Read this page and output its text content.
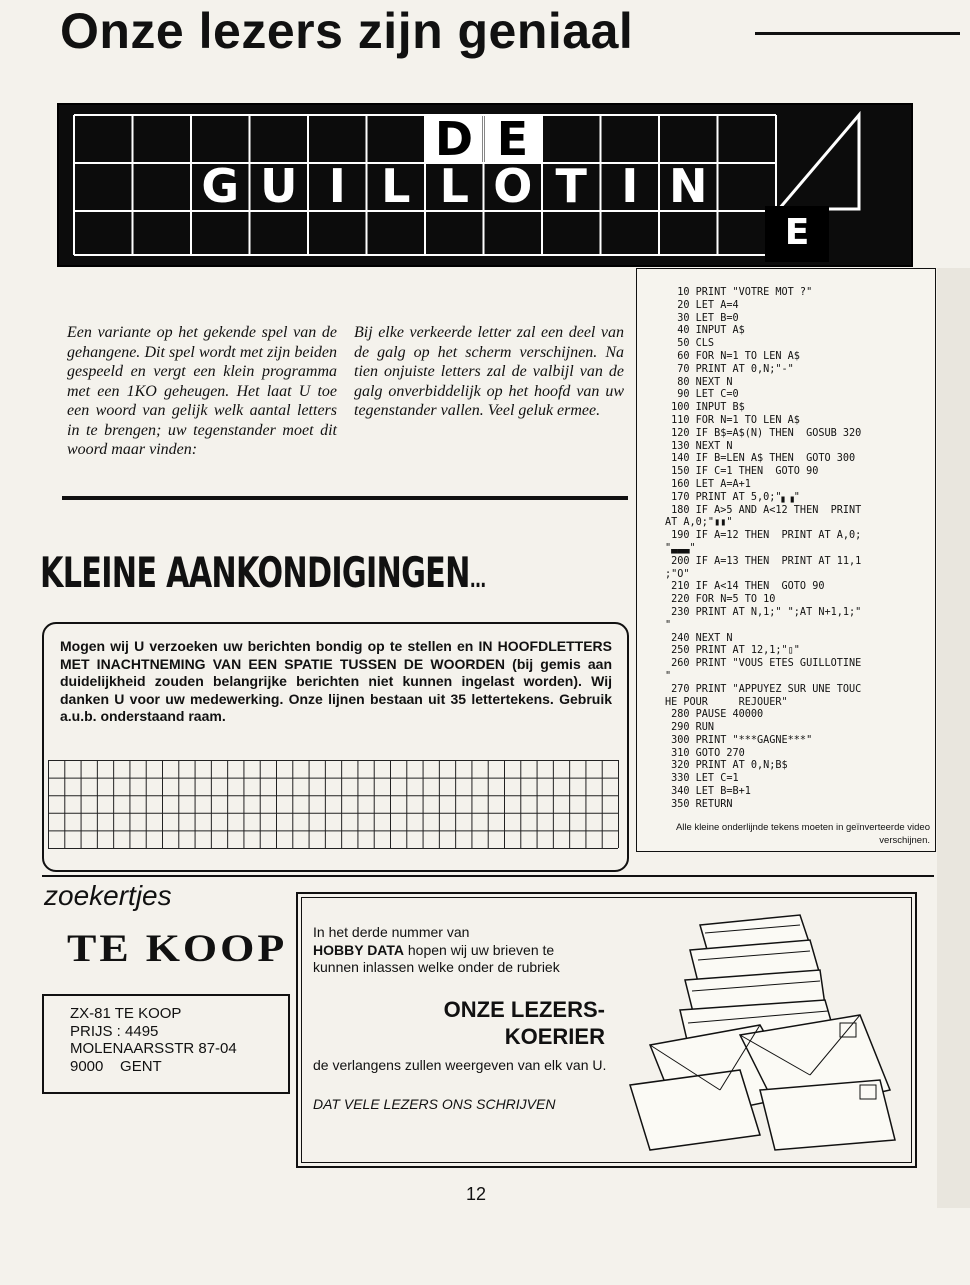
Onze lezers zijn geniaal
D E
G U I L L O T I N
E
Een variante op het gekende spel van de gehangene. Dit spel wordt met zijn beiden gespeeld en vergt een klein programma met een 1KO geheugen. Het laat U toe een woord van gelijk welk aantal letters in te brengen; uw tegenstander moet dit woord maar vinden:
Bij elke verkeerde letter zal een deel van de galg op het scherm verschijnen. Na tien onjuiste letters zal de valbijl van de galg onverbiddelijk op het hoofd van uw tegenstander vallen. Veel geluk ermee.
10 PRINT "VOTRE MOT ?"
20 LET A=4
30 LET B=0
40 INPUT A$
50 CLS
60 FOR N=1 TO LEN A$
70 PRINT AT 0,N;"-"
80 NEXT N
90 LET C=0
100 INPUT B$
110 FOR N=1 TO LEN A$
120 IF B$=A$(N) THEN  GOSUB 320
130 NEXT N
140 IF B=LEN A$ THEN  GOTO 300
150 IF C=1 THEN  GOTO 90
160 LET A=A+1
170 PRINT AT 5,0;"▖▗"
180 IF A>5 AND A<12 THEN  PRINT
AT A,0;"▮▮"
190 IF A=12 THEN  PRINT AT A,0;
"▃▃▃"
200 IF A=13 THEN  PRINT AT 11,1
;"O"
210 IF A<14 THEN  GOTO 90
220 FOR N=5 TO 10
230 PRINT AT N,1;" ";AT N+1,1;"
"
240 NEXT N
250 PRINT AT 12,1;"▯"
260 PRINT "VOUS ETES GUILLOTINE
"
270 PRINT "APPUYEZ SUR UNE TOUC
HE POUR     REJOUER"
280 PAUSE 40000
290 RUN
300 PRINT "***GAGNE***"
310 GOTO 270
320 PRINT AT 0,N;B$
330 LET C=1
340 LET B=B+1
350 RETURN
Alle kleine onderlijnde tekens moeten in geïnverteerde video verschijnen.
KLEINE AANKONDIGINGEN...
Mogen wij U verzoeken uw berichten bondig op te stellen en IN HOOFDLETTERS MET INACHTNEMING VAN EEN SPATIE TUSSEN DE WOORDEN (bij gemis aan duidelijkheid zouden belangrijke berichten niet kunnen ingelast worden). Wij danken U voor uw medewerking. Onze lijnen bestaan uit 35 lettertekens. Gebruik a.u.b. onderstaand raam.
zoekertjes
TE KOOP
ZX-81 TE KOOP
PRIJS : 4495
MOLENAARSSTR 87-04
9000    GENT
In het derde nummer van
HOBBY DATA hopen wij uw brieven te kunnen inlassen welke onder de rubriek
ONZE LEZERS-
KOERIER
de verlangens zullen weergeven van elk van U.
DAT VELE LEZERS ONS SCHRIJVEN
12
